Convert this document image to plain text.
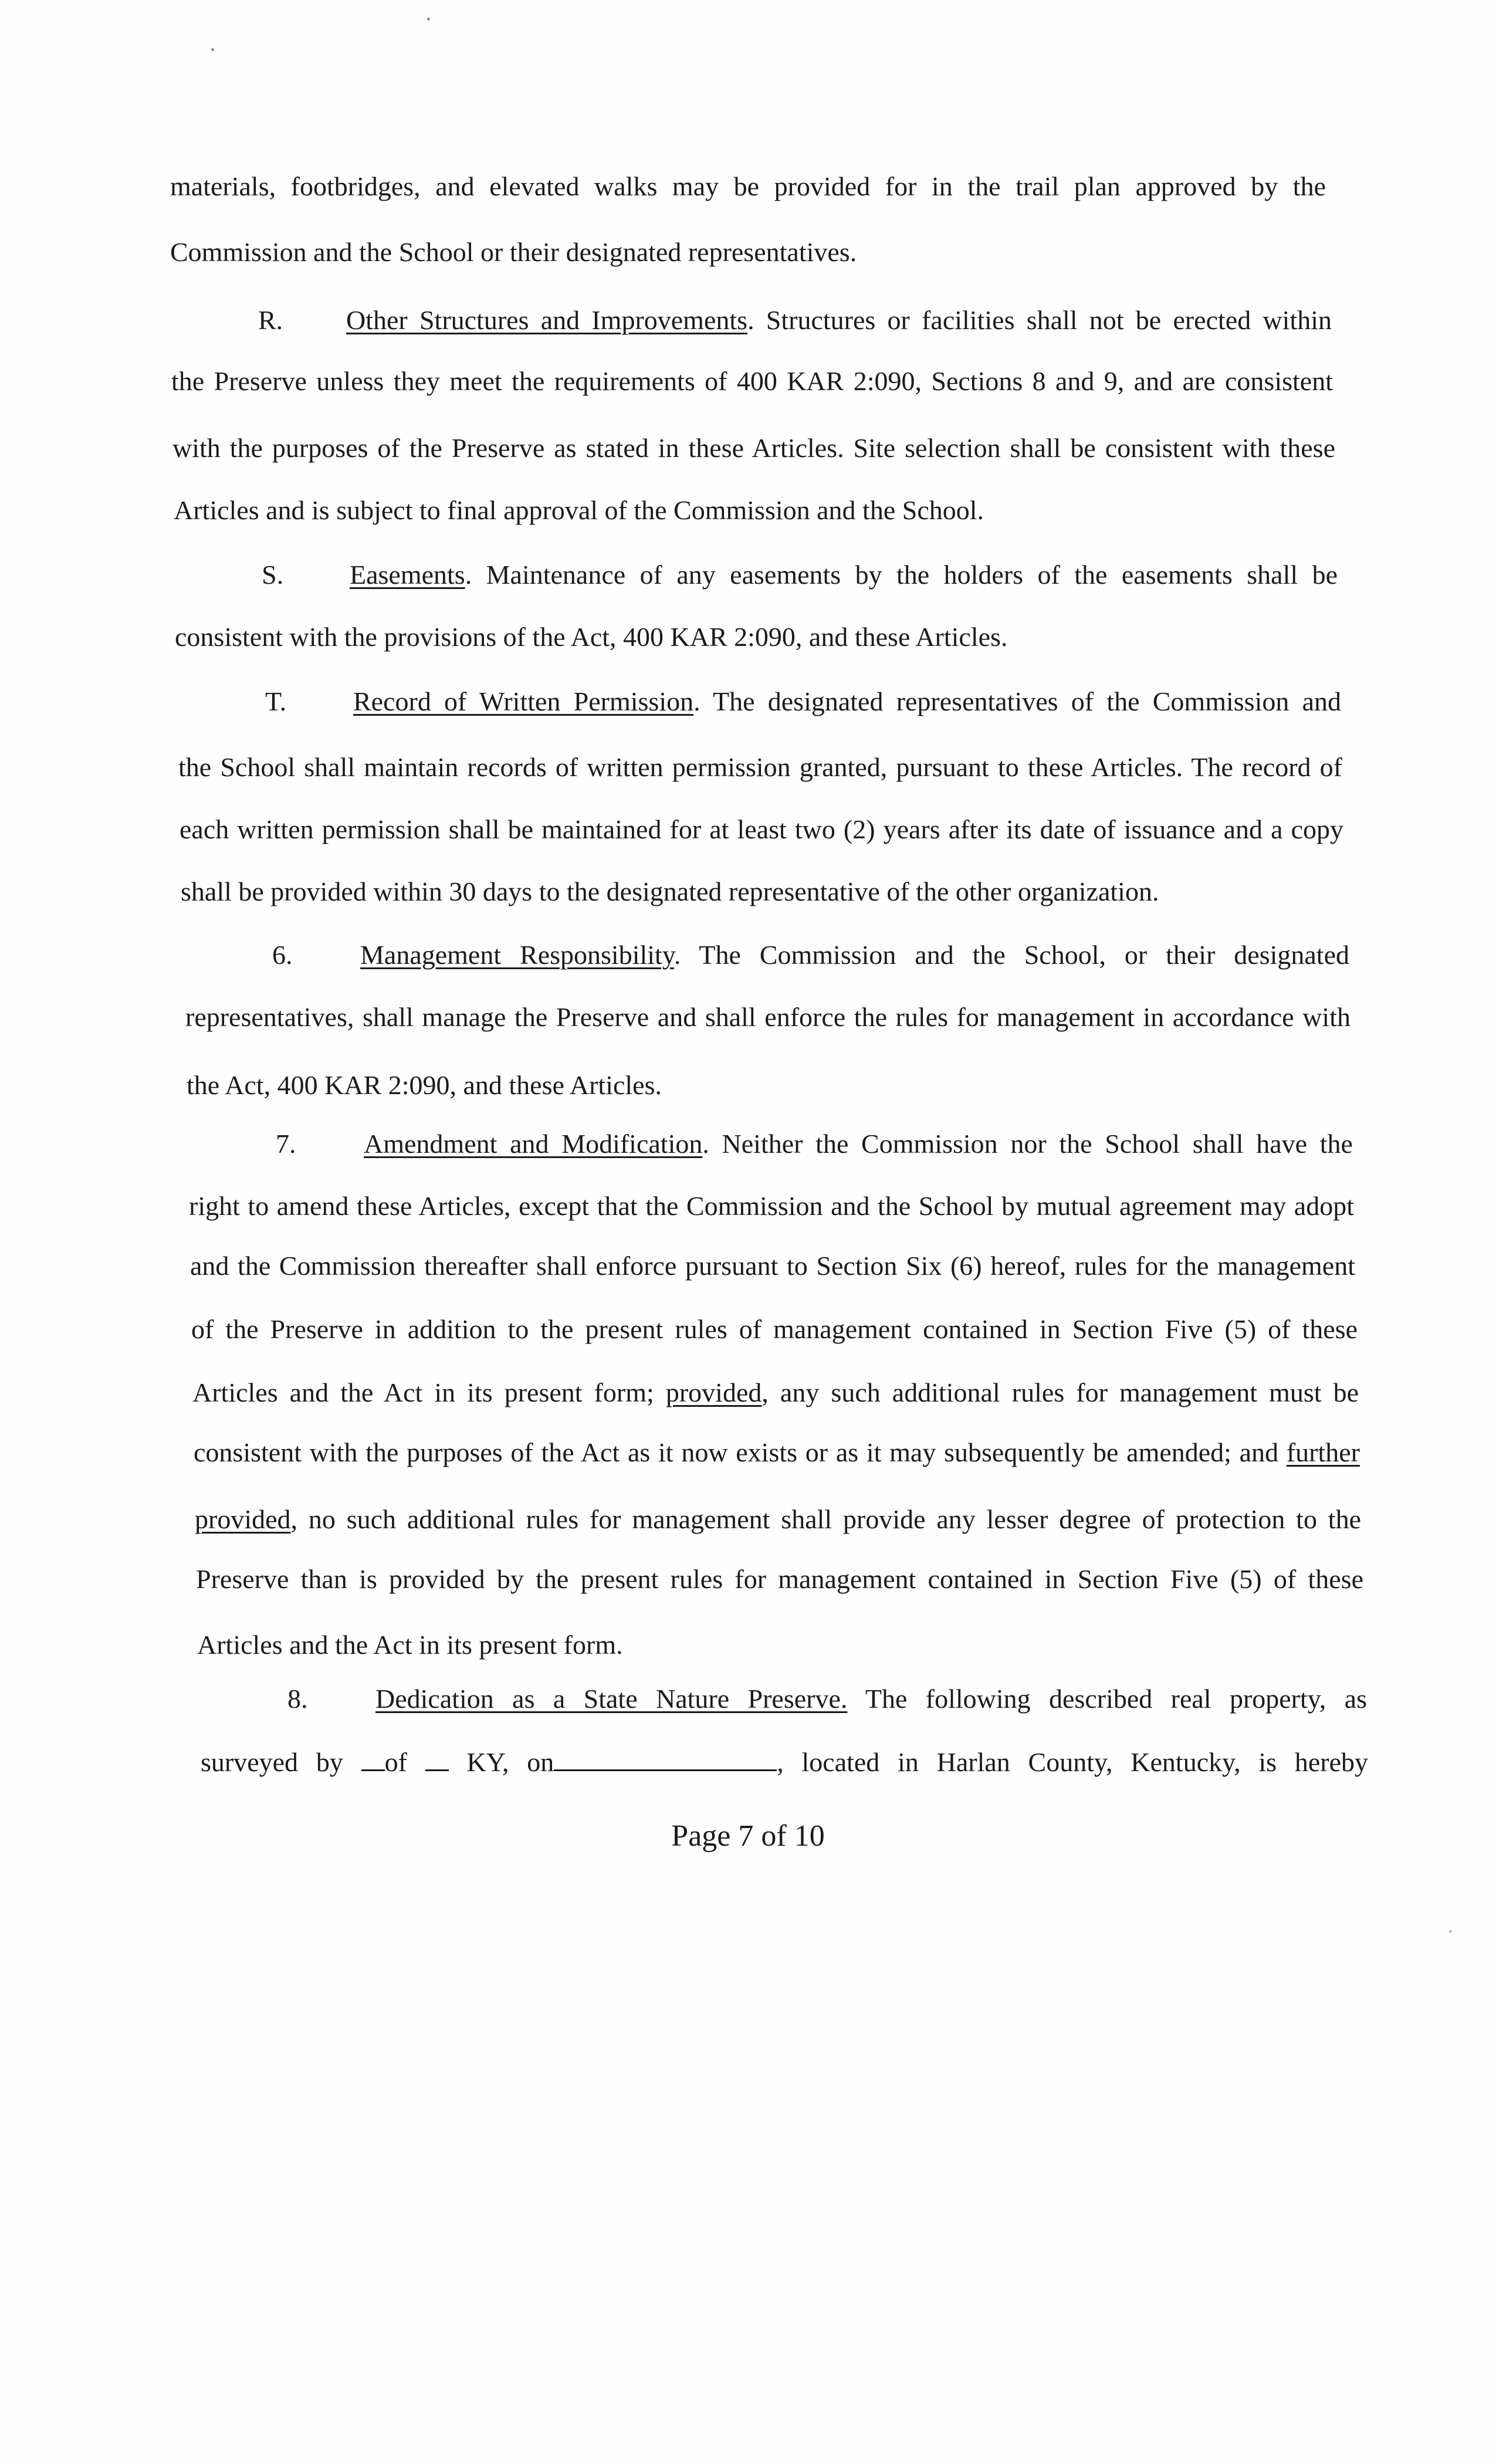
materials, footbridges, and elevated walks may be provided for in the trail plan approved by the
Commission and the School or their designated representatives.
R. Other Structures and Improvements. Structures or facilities shall not be erected within
the Preserve unless they meet the requirements of 400 KAR 2:090, Sections 8 and 9, and are consistent
with the purposes of the Preserve as stated in these Articles. Site selection shall be consistent with these
Articles and is subject to final approval of the Commission and the School.
S. Easements. Maintenance of any easements by the holders of the easements shall be
consistent with the provisions of the Act, 400 KAR 2:090, and these Articles.
T. Record of Written Permission. The designated representatives of the Commission and
the School shall maintain records of written permission granted, pursuant to these Articles. The record of
each written permission shall be maintained for at least two (2) years after its date of issuance and a copy
shall be provided within 30 days to the designated representative of the other organization.
6.	Management Responsibility. The Commission and the School, or their designated
representatives, shall manage the Preserve and shall enforce the rules for management in accordance with
the Act, 400 KAR 2:090, and these Articles.
7.	Amendment and Modification. Neither the Commission nor the School shall have the
right to amend these Articles, except that the Commission and the School by mutual agreement may adopt
and the Commission thereafter shall enforce pursuant to Section Six (6) hereof, rules for the management
of the Preserve in addition to the present rules of management contained in Section Five (5) of these
Articles and the Act in its present form; provided, any such additional rules for management must be
consistent with the purposes of the Act as it now exists or as it may subsequently be amended; and further
provided, no such additional rules for management shall provide any lesser degree of protection to the
Preserve than is provided by the present rules for management contained in Section Five (5) of these
Articles and the Act in its present form.
8.	Dedication as a State Nature Preserve. The following described real property, as
surveyed by of  KY, on	, located in Harlan County, Kentucky, is hereby
Page 7 of 10
